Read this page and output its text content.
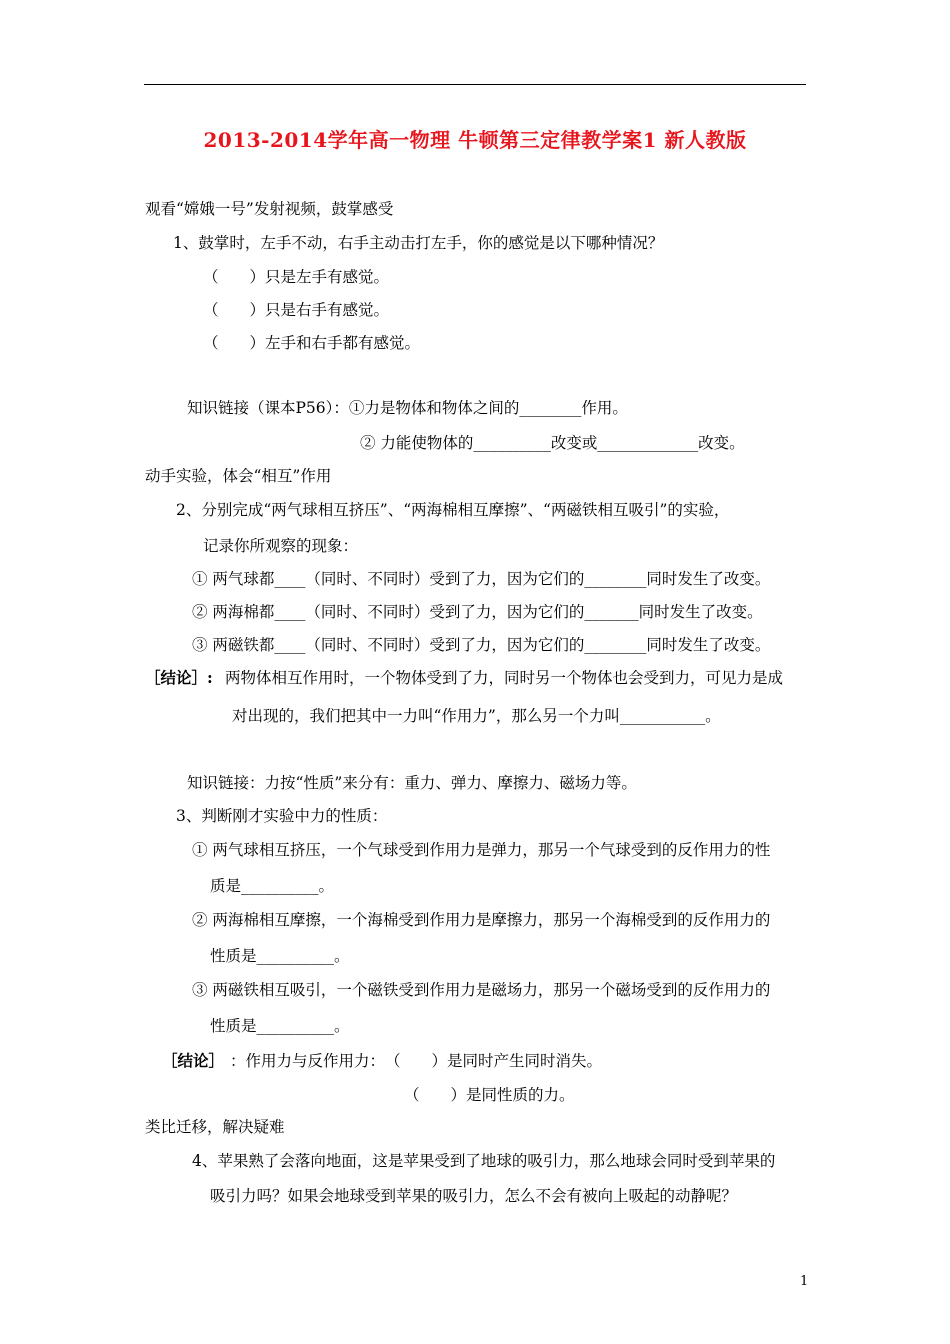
2013-2014学年高一物理 牛顿第三定律教学案1 新人教版
观看“嫦娥一号”发射视频，鼓掌感受
1、鼓掌时，左手不动，右手主动击打左手，你的感觉是以下哪种情况？
（　　）只是左手有感觉。
（　　）只是右手有感觉。
（　　）左手和右手都有感觉。
知识链接（课本P56）：①力是物体和物体之间的________作用。
② 力能使物体的__________改变或_____________改变。
动手实验，体会“相互”作用
2、分别完成“两气球相互挤压”、“两海棉相互摩擦”、“两磁铁相互吸引”的实验，
记录你所观察的现象：
① 两气球都____（同时、不同时）受到了力，因为它们的________同时发生了改变。
② 两海棉都____（同时、不同时）受到了力，因为它们的_______同时发生了改变。
③ 两磁铁都____（同时、不同时）受到了力，因为它们的________同时发生了改变。
［结论］: 两物体相互作用时，一个物体受到了力，同时另一个物体也会受到力，可见力是成
对出现的，我们把其中一力叫“作用力”，那么另一个力叫___________。
知识链接：力按“性质”来分有：重力、弹力、摩擦力、磁场力等。
3、判断刚才实验中力的性质：
① 两气球相互挤压，一个气球受到作用力是弹力，那另一个气球受到的反作用力的性
质是__________。
② 两海棉相互摩擦，一个海棉受到作用力是摩擦力，那另一个海棉受到的反作用力的
性质是__________。
③ 两磁铁相互吸引，一个磁铁受到作用力是磁场力，那另一个磁场受到的反作用力的
性质是__________。
［结论］ ：作用力与反作用力：　（　　）是同时产生同时消失。
（　　）是同性质的力。
类比迁移，解决疑难
4、苹果熟了会落向地面，这是苹果受到了地球的吸引力，那么地球会同时受到苹果的
吸引力吗？如果会地球受到苹果的吸引力，怎么不会有被向上吸起的动静呢？
1
